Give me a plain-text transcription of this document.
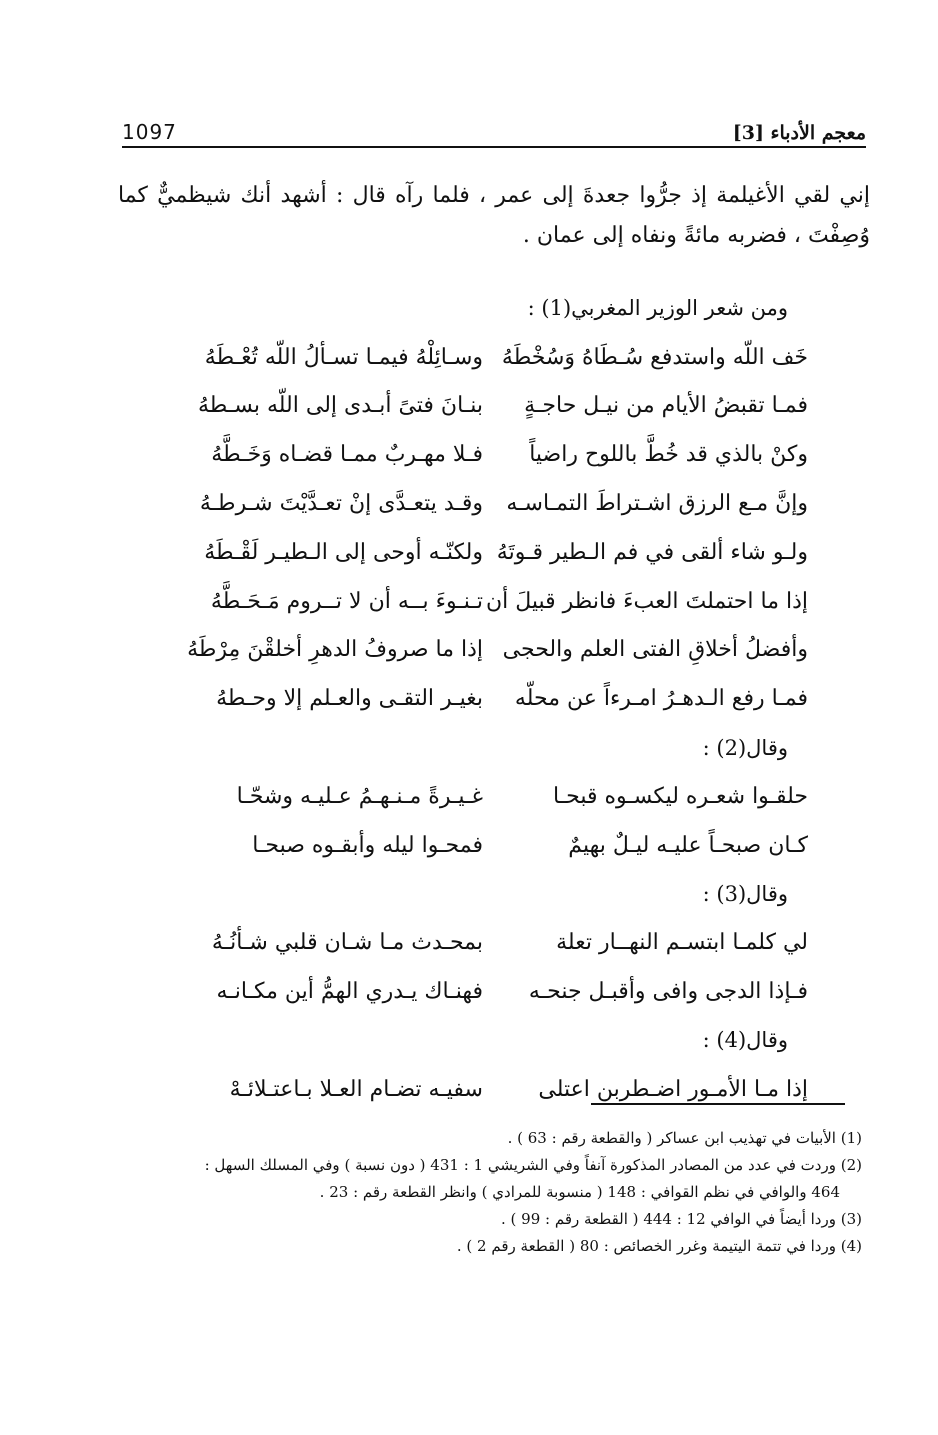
1097	معجم الأدباء [3]
إني لقي الأغيلمة إذ جرُّوا جعدةَ إلى عمر ، فلما رآه قال : أشهد أنك شيظميٌّ كما وُصِفْتَ ، فضربه مائةً ونفاه إلى عمان .
ومن شعر الوزير المغربي(1) :
خَف اللّه واستدفع سُـطَاهُ وَسُخْطَهُ
وسـائِلْهُ فيمـا تسـألُ اللّه تُعْـطَهُ
فمـا تقبضُ الأيام من نيـل حاجـةٍ
بنـانَ فتىً أبـدى إلى اللّه بسـطهُ
وكنْ بالذي قد خُطَّ باللوح راضياً
فـلا مهـربٌ ممـا قضـاه وَخَـطَّهُ
وإنَّ مـع الرزق اشـتراطَ التمـاسـه
وقـد يتعـدَّى إنْ تعـدَّيْتَ شـرطـهُ
ولـو شاء ألقى في فم الـطير قـوتَهُ
ولكنّـه أوحى إلى الـطيـر لَقْـطَهُ
إذا ما احتملتَ العبءَ فانظر قبيلَ أن
تـنـوءَ بــه أن لا تــروم مَـحَـطَّهُ
وأفضلُ أخلاقِ الفتى العلم والحجى
إذا ما صروفُ الدهرِ أخلقْنَ مِرْطَهُ
فمـا رفع الـدهـرُ امـرءاً عن محلّه
بغيـر التقـى والعـلم إلا وحـطهُ
وقال(2) :
حلقـوا شعـره ليكسـوه قبحـا
غـيـرةً مـنـهـمُ عـليـه وشحّـا
كـان صبحـاً عليـه ليـلٌ بهيمٌ
فمحـوا ليله وأبقـوه صبحـا
وقال(3) :
لي كلمـا ابتسـم النهــار تعلة
بمحـدث مـا شـان قلبي شـأنُـهُ
فـإذا الدجى وافى وأقبـل جنحـه
فهنـاك يـدري الهمُّ أين مكـانـه
وقال(4) :
إذا مـا الأمـور اضـطربن اعتلى
سفيـه تضـام العـلا بـاعتـلائـهْ

(1) الأبيات في تهذيب ابن عساكر ( والقطعة رقم : 63 ) .

(2) وردت في عدد من المصادر المذكورة آنفاً وفي الشريشي 1 : 431 ( دون نسبة ) وفي المسلك السهل :
464 والوافي في نظم القوافي : 148 ( منسوبة للمرادي ) وانظر القطعة رقم : 23 .

(3) وردا أيضاً في الوافي 12 : 444 ( القطعة رقم : 99 ) .

(4) وردا في تتمة اليتيمة وغرر الخصائص : 80 ( القطعة رقم 2 ) .
